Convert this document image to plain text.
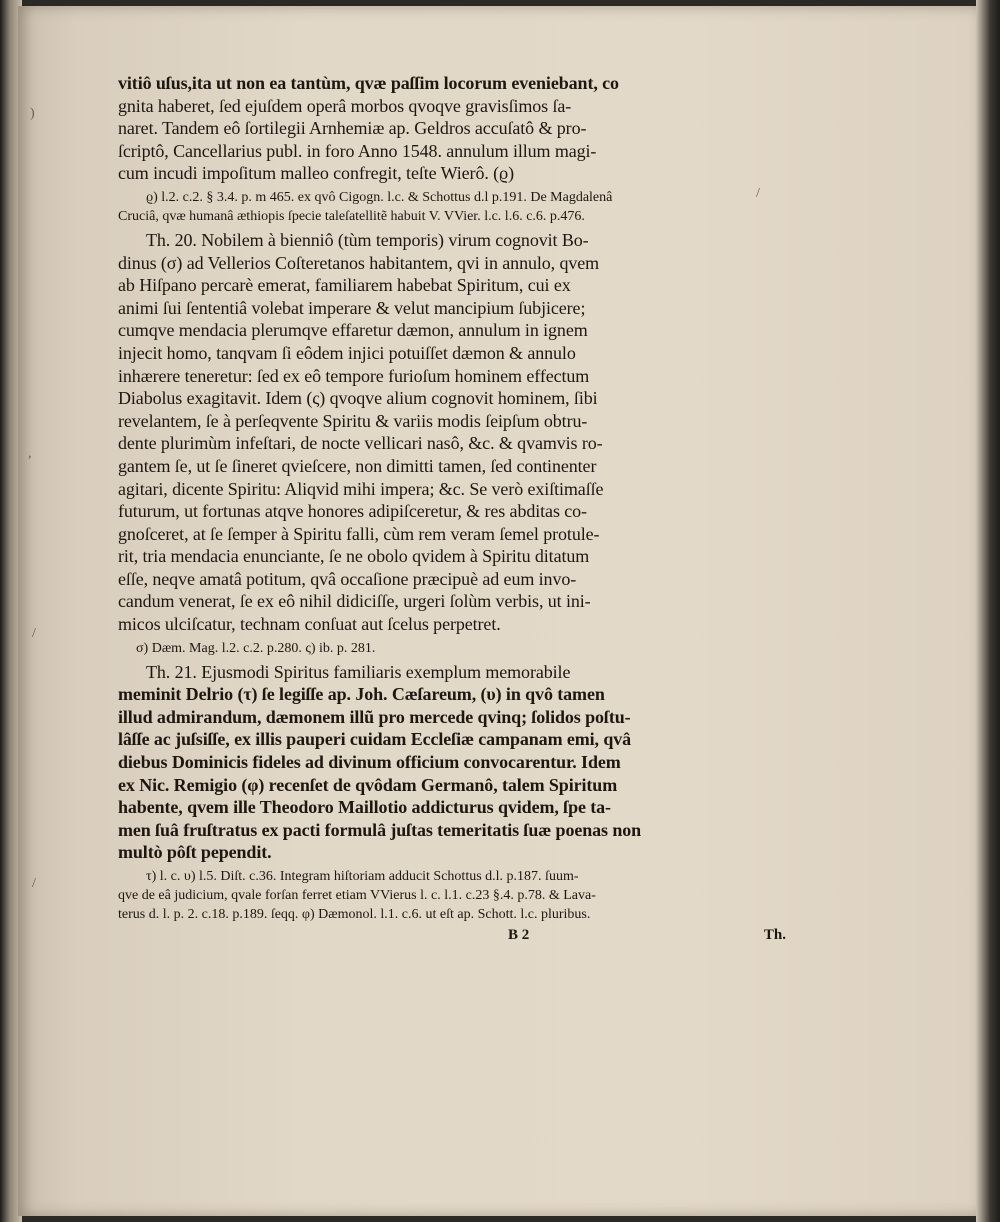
)
,
/
/
/
vitiô uſus,ita ut non ea tantùm, qvæ paſſim locorum eveniebant, co
gnita haberet, ſed ejuſdem operâ morbos qvoqve gravisſimos ſa-
naret. Tandem eô ſortilegii Arnhemiæ ap. Geldros accuſatô & pro-
ſcriptô, Cancellarius publ. in foro Anno 1548. annulum illum magi-
cum incudi impoſitum malleo confregit, teſte Wierô. (ϱ)
ϱ) l.2. c.2. § 3.4. p. m 465. ex qvô Cigogn. l.c. & Schottus d.l p.191. De Magdalenâ
Cruciâ, qvæ humanâ æthiopis ſpecie taleſatellitẽ habuit V. VVier. l.c. l.6. c.6. p.476.
Th. 20. Nobilem à bienniô (tùm temporis) virum cognovit Bo-
dinus (σ) ad Vellerios Coſteretanos habitantem, qvi in annulo, qvem
ab Hiſpano percarè emerat, familiarem habebat Spiritum, cui ex
animi ſui ſententiâ volebat imperare & velut mancipium ſubjicere;
cumqve mendacia plerumqve effaretur dæmon, annulum in ignem
injecit homo, tanqvam ſi eôdem injici potuiſſet dæmon & annulo
inhærere teneretur: ſed ex eô tempore furioſum hominem effectum
Diabolus exagitavit. Idem (ς) qvoqve alium cognovit hominem, ſibi
revelantem, ſe à perſeqvente Spiritu & variis modis ſeipſum obtru-
dente plurimùm infeſtari, de nocte vellicari nasô, &c. & qvamvis ro-
gantem ſe, ut ſe ſineret qvieſcere, non dimitti tamen, ſed continenter
agitari, dicente Spiritu: Aliqvid mihi impera; &c. Se verò exiſtimaſſe
futurum, ut fortunas atqve honores adipiſceretur, & res abditas co-
gnoſceret, at ſe ſemper à Spiritu falli, cùm rem veram ſemel protule-
rit, tria mendacia enunciante, ſe ne obolo qvidem à Spiritu ditatum
eſſe, neqve amatâ potitum, qvâ occaſione præcipuè ad eum invo-
candum venerat, ſe ex eô nihil didiciſſe, urgeri ſolùm verbis, ut ini-
micos ulciſcatur, technam conſuat aut ſcelus perpetret.
σ) Dæm. Mag. l.2. c.2. p.280. ς) ib. p. 281.
Th. 21. Ejusmodi Spiritus familiaris exemplum memorabile
meminit Delrio (τ) ſe legiſſe ap. Joh. Cæſareum, (υ) in qvô tamen
illud admirandum, dæmonem illũ pro mercede qvinq; ſolidos poſtu-
lâſſe ac juſsiſſe, ex illis pauperi cuidam Eccleſiæ campanam emi, qvâ
diebus Dominicis fideles ad divinum officium convocarentur. Idem
ex Nic. Remigio (φ) recenſet de qvôdam Germanô, talem Spiritum
habente, qvem ille Theodoro Maillotio addicturus qvidem, ſpe ta-
men ſuâ fruſtratus ex pacti formulâ juſtas temeritatis ſuæ poenas non
multò pôſt pependit.
τ) l. c. υ) l.5. Diſt. c.36. Integram hiſtoriam adducit Schottus d.l. p.187. ſuum-
qve de eâ judicium, qvale forſan ferret etiam VVierus l. c. l.1. c.23 §.4. p.78. & Lava-
terus d. l. p. 2. c.18. p.189. ſeqq. φ) Dæmonol. l.1. c.6. ut eſt ap. Schott. l.c. pluribus.
B 2	Th.
